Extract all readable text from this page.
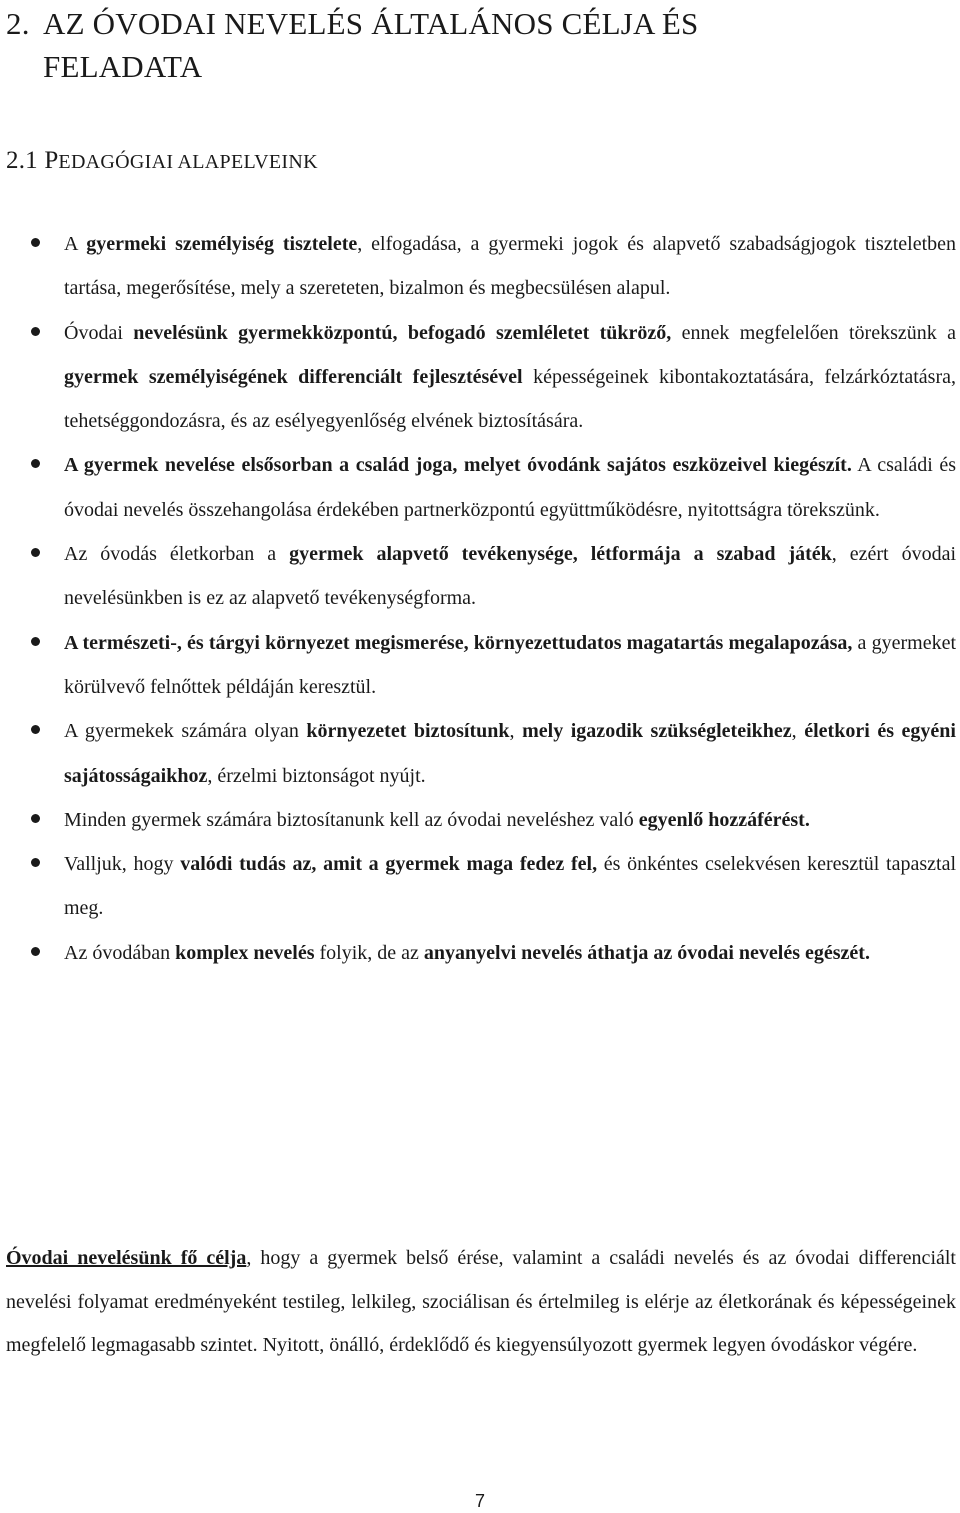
2. AZ ÓVODAI NEVELÉS ÁLTALÁNOS CÉLJA ÉS
FELADATA
2.1 PEDAGÓGIAI ALAPELVEINK
A gyermeki személyiség tisztelete, elfogadása, a gyermeki jogok és alapvető szabadságjogok tiszteletben tartása, megerősítése, mely a szereteten, bizalmon és megbecsülésen alapul.
Óvodai nevelésünk gyermekközpontú, befogadó szemléletet tükröző, ennek megfelelően törekszünk a gyermek személyiségének differenciált fejlesztésével képességeinek kibontakoztatására, felzárkóztatásra, tehetséggondozásra, és az esélyegyenlőség elvének biztosítására.
A gyermek nevelése elsősorban a család joga, melyet óvodánk sajátos eszközeivel kiegészít. A családi és óvodai nevelés összehangolása érdekében partnerközpontú együttműködésre, nyitottságra törekszünk.
Az óvodás életkorban a gyermek alapvető tevékenysége, létformája a szabad játék, ezért óvodai nevelésünkben is ez az alapvető tevékenységforma.
A természeti-, és tárgyi környezet megismerése, környezettudatos magatartás megalapozása, a gyermeket körülvevő felnőttek példáján keresztül.
A gyermekek számára olyan környezetet biztosítunk, mely igazodik szükségleteikhez, életkori és egyéni sajátosságaikhoz, érzelmi biztonságot nyújt.
Minden gyermek számára biztosítanunk kell az óvodai neveléshez való egyenlő hozzáférést.
Valljuk, hogy valódi tudás az, amit a gyermek maga fedez fel, és önkéntes cselekvésen keresztül tapasztal meg.
Az óvodában komplex nevelés folyik, de az anyanyelvi nevelés áthatja az óvodai nevelés egészét.

Óvodai nevelésünk fő célja, hogy a gyermek belső érése, valamint a családi nevelés és az óvodai differenciált nevelési folyamat eredményeként testileg, lelkileg, szociálisan és értelmileg is elérje az életkorának és képességeinek megfelelő legmagasabb szintet. Nyitott, önálló, érdeklődő és kiegyensúlyozott gyermek legyen óvodáskor végére.

7
